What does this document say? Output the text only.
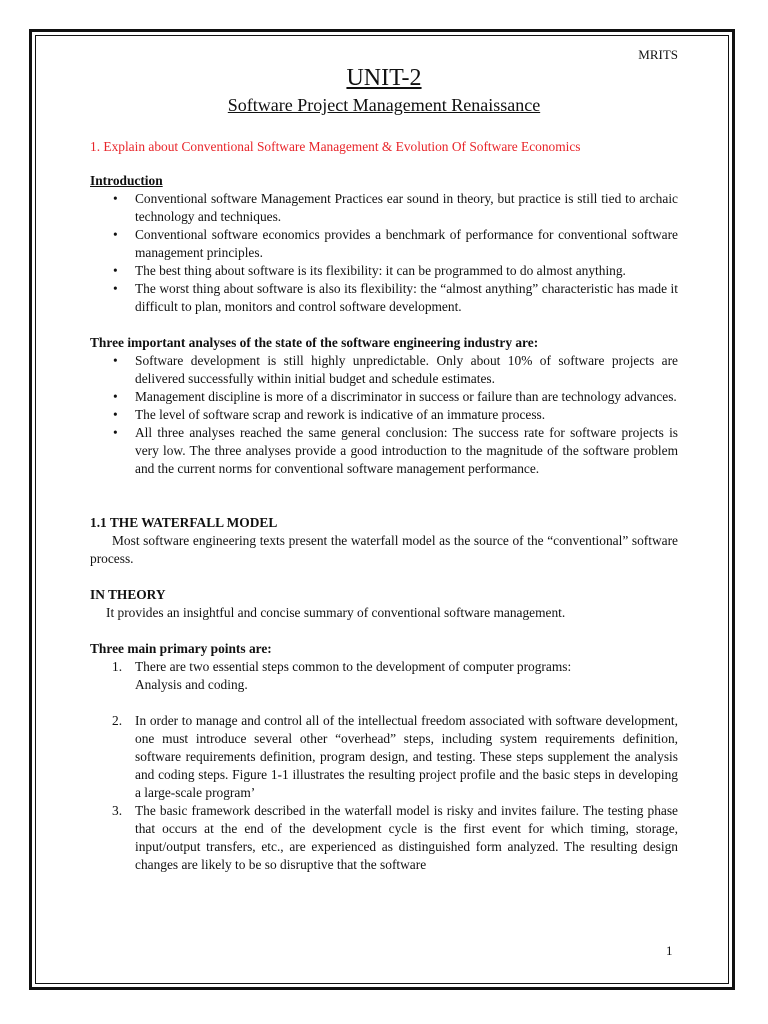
MRITS
UNIT-2
Software Project Management Renaissance
1. Explain about Conventional Software Management & Evolution Of Software Economics
Introduction
• Conventional software Management Practices ear sound in theory, but practice is still tied to archaic technology and techniques.
• Conventional software economics provides a benchmark of performance for conventional software management principles.
• The best thing about software is its flexibility: it can be programmed to do almost anything.
• The worst thing about software is also its flexibility: the “almost anything” characteristic has made it difficult to plan, monitors and control software development.
Three important analyses of the state of the software engineering industry are:
• Software development is still highly unpredictable. Only about 10% of software projects are delivered successfully within initial budget and schedule estimates.
• Management discipline is more of a discriminator in success or failure than are technology advances.
• The level of software scrap and rework is indicative of an immature process.
• All three analyses reached the same general conclusion: The success rate for software projects is very low. The three analyses provide a good introduction to the magnitude of the software problem and the current norms for conventional software management performance.
1.1 THE WATERFALL MODEL
Most software engineering texts present the waterfall model as the source of the “conventional” software process.
IN THEORY
It provides an insightful and concise summary of conventional software management.
Three main primary points are:
1. There are two essential steps common to the development of computer programs:
Analysis and coding.
2. In order to manage and control all of the intellectual freedom associated with software development, one must introduce several other “overhead” steps, including system requirements definition, software requirements definition, program design, and testing. These steps supplement the analysis and coding steps. Figure 1-1 illustrates the resulting project profile and the basic steps in developing a large-scale program’
3. The basic framework described in the waterfall model is risky and invites failure. The testing phase that occurs at the end of the development cycle is the first event for which timing, storage, input/output transfers, etc., are experienced as distinguished form analyzed. The resulting design changes are likely to be so disruptive that the software
1
